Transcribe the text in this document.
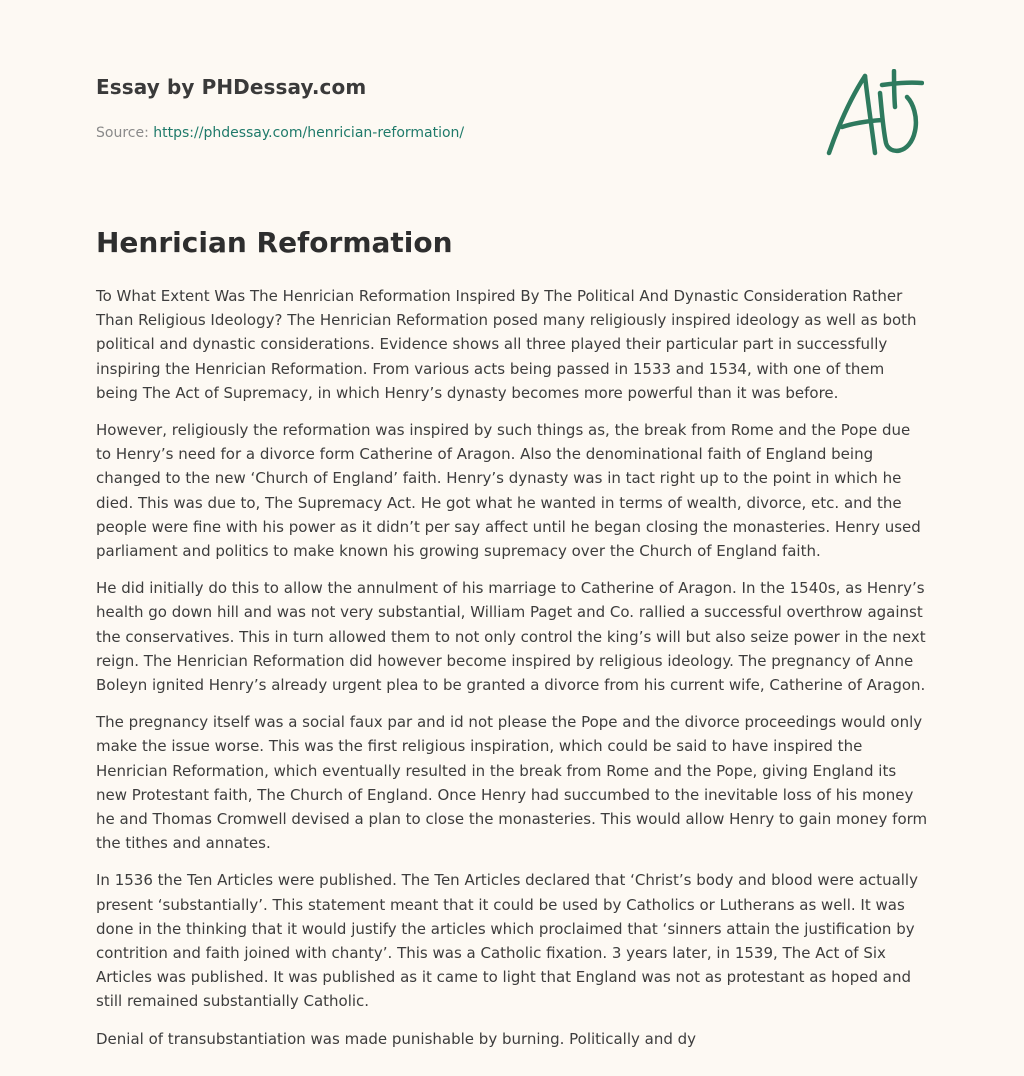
Essay by PHDessay.com
Source: https://phdessay.com/henrician-reformation/
Henrician Reformation

To What Extent Was The Henrician Reformation Inspired By The Political And Dynastic Consideration Rather Than Religious Ideology? The Henrician Reformation posed many religiously inspired ideology as well as both political and dynastic considerations. Evidence shows all three played their particular part in successfully inspiring the Henrician Reformation. From various acts being passed in 1533 and 1534, with one of them being The Act of Supremacy, in which Henry’s dynasty becomes more powerful than it was before.

However, religiously the reformation was inspired by such things as, the break from Rome and the Pope due to Henry’s need for a divorce form Catherine of Aragon. Also the denominational faith of England being changed to the new ‘Church of England’ faith. Henry’s dynasty was in tact right up to the point in which he died. This was due to, The Supremacy Act. He got what he wanted in terms of wealth, divorce, etc. and the people were fine with his power as it didn’t per say affect until he began closing the monasteries. Henry used parliament and politics to make known his growing supremacy over the Church of England faith.

He did initially do this to allow the annulment of his marriage to Catherine of Aragon. In the 1540s, as Henry’s health go down hill and was not very substantial, William Paget and Co. rallied a successful overthrow against the conservatives. This in turn allowed them to not only control the king’s will but also seize power in the next reign. The Henrician Reformation did however become inspired by religious ideology. The pregnancy of Anne Boleyn ignited Henry’s already urgent plea to be granted a divorce from his current wife, Catherine of Aragon.

The pregnancy itself was a social faux par and id not please the Pope and the divorce proceedings would only make the issue worse. This was the first religious inspiration, which could be said to have inspired the Henrician Reformation, which eventually resulted in the break from Rome and the Pope, giving England its new Protestant faith, The Church of England. Once Henry had succumbed to the inevitable loss of his money he and Thomas Cromwell devised a plan to close the monasteries. This would allow Henry to gain money form the tithes and annates.

In 1536 the Ten Articles were published. The Ten Articles declared that ‘Christ’s body and blood were actually present ‘substantially’. This statement meant that it could be used by Catholics or Lutherans as well. It was done in the thinking that it would justify the articles which proclaimed that ‘sinners attain the justification by contrition and faith joined with chanty’. This was a Catholic fixation. 3 years later, in 1539, The Act of Six Articles was published. It was published as it came to light that England was not as protestant as hoped and still remained substantially Catholic.

Denial of transubstantiation was made punishable by burning. Politically and dy
